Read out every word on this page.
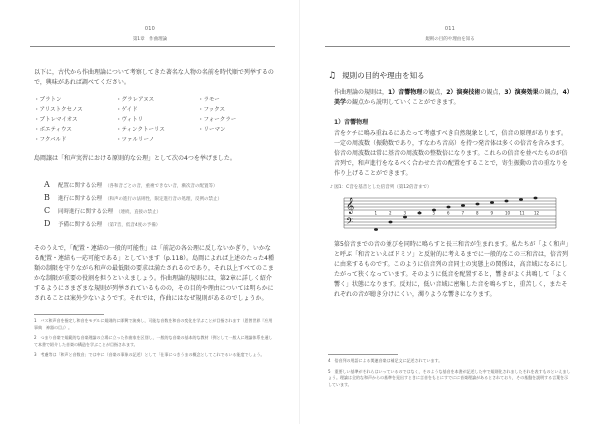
010
第1章　作曲理論

以下に，古代から作曲理論について考察してきた著名な人物の名前を時代順で列挙するので，興味があれば調べてください。

・プラトン	・グラレアヌス	・ラモー
・アリストクセノス	・ゲイド	・フックス
・プトレマイオス	・ヴィトリ	・フォークラー
・ボエティウス	・ティンクトーリス	・リーマン
・フクバルド	・ツァルリーノ

島岡譲は「和声実習における原則的な公理」として次の4つを挙げました。

A	配置に関する公理 （各和音ごとの音，重複できない音，漸次音の配置等）
B	進行に関する公理 （和声の進行の法則性，限定進行音の処理，反例の禁止）
C	同時進行に関する公理 （連続，直接の禁止）
D	予備に関する公理 （第7音，低音4度の予備）

そのうえで，「配置・連結の一般的可能性」は「前記の各公理に反しないかぎり，いかなる配置・連結も一応可能である」としています（p.118）。島岡によれば上述のたった4種類の制限を守りながら和声の最低限の要求は満たされるのであり，それ以上すべてのこまかな制限が重要の役割を担うといえましょう。作曲理論的規則には，第2章に詳しく紹介するようにさまざまな規則が列挙されているものの，その目的や理由については明らかにされることは案外少ないようです。それでは，作曲にはなぜ規則があるのでしょうか。

1　バス和声音を指定し和音をモデルに規則的に即興で演奏し，可能な音数を和音の変化を学ぶことが目指されます（恩曽世界『应用事典　神器の目』）。

2　つまり音楽で規範的な音楽理論の立場に立った作曲家を区別し，一般的な音楽の基本的な教材（例として一般人に理論体系を通して本書で紹介した音楽の構造を学ぶことが目指されます。

3　考慮等は「和声と音数音」では中に（音楽の事象の記述）として「仕事につきうまの概念としてこれでるいる能度でしょう。

011
規則の目的や理由を知る
♫ 規則の目的や理由を知る

作曲理論の規則は，1）音響物理の観点，2）演奏技術の観点，3）演奏効果の観点，4）美学の観点から説明していくことができます。

1）音響物理

音をケチに鳴み重ねるにあたって考慮すべき自然現象として，倍音の原理があります。一定の周波数（振動数であり，すなわち音高）を持つ発音体は多くの倍音を含みます。倍音の周波数は常に基音の周波数の整数倍になります。これらの倍音を並べたものが倍音列で，和声進行をなるべく合わせた音の配置をすることで，寄生振動の音の重なりを作り上げることができます。

♪ 図1：C音を基音とした倍音列（第12倍音まで）
𝄞
𝄢
1	2	3	4	5	6	7	8	9	10 11 12

第5倍音までの音の並びを同時に鳴らすと長三和音が生まれます。私たちが「よく和声」と呼ぶ「和音といえばドミソ」と反射的に考えるまでに一般的なこの三和音は，倍音列に由来するものです。このように倍音列の音同士の実態上の関係は，高音域になるにしたがって狭くなっています。そのように低音を配置すると，響きがよく共鳴して「よく響く」状態になります。反対に，低い音域に密集した音を鳴らすと，重苦しく，またそれぞれの音が聴き分けにくい，濁りような響きになります。

4　倍音列の用語による関連音楽は補足文に記述されています。

5　重要しい基準がそれらはいっているのではなく，そのような基音を本書が記述した中で規則化されましたそれを表すものといえましょう。理論は全的な和声からの基準を見出すときに言音をもとにすでにに音楽理論があるとされており，その基盤を説明する言葉を示しています。
